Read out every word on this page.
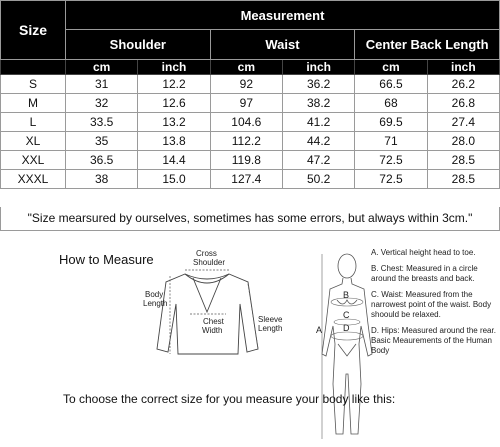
Size	Measurement					
	Shoulder		Waist		Center Back Length	
	cm	inch	cm	inch	cm	inch
S	31	12.2	92	36.2	66.5	26.2
M	32	12.6	97	38.2	68	26.8
L	33.5	13.2	104.6	41.2	69.5	27.4
XL	35	13.8	112.2	44.2	71	28.0
XXL	36.5	14.4	119.8	47.2	72.5	28.5
XXXL	38	15.0	127.4	50.2	72.5	28.5
"Size mearsured by ourselves, sometimes has some errors, but always within 3cm."
How to Measure	Cross
Shoulder
Body
Length
Chest
Width
Sleeve
Length	A
B
C
D

A. Vertical height head to toe.

B. Chest: Measured in a circle around the breasts and back.

C. Waist: Measured from the narrowest point of the waist. Body shoould be relaxed.

D. Hips: Measured around the rear. Basic Meaurements of the Human Body

To choose the correct size for you measure your body like this:
